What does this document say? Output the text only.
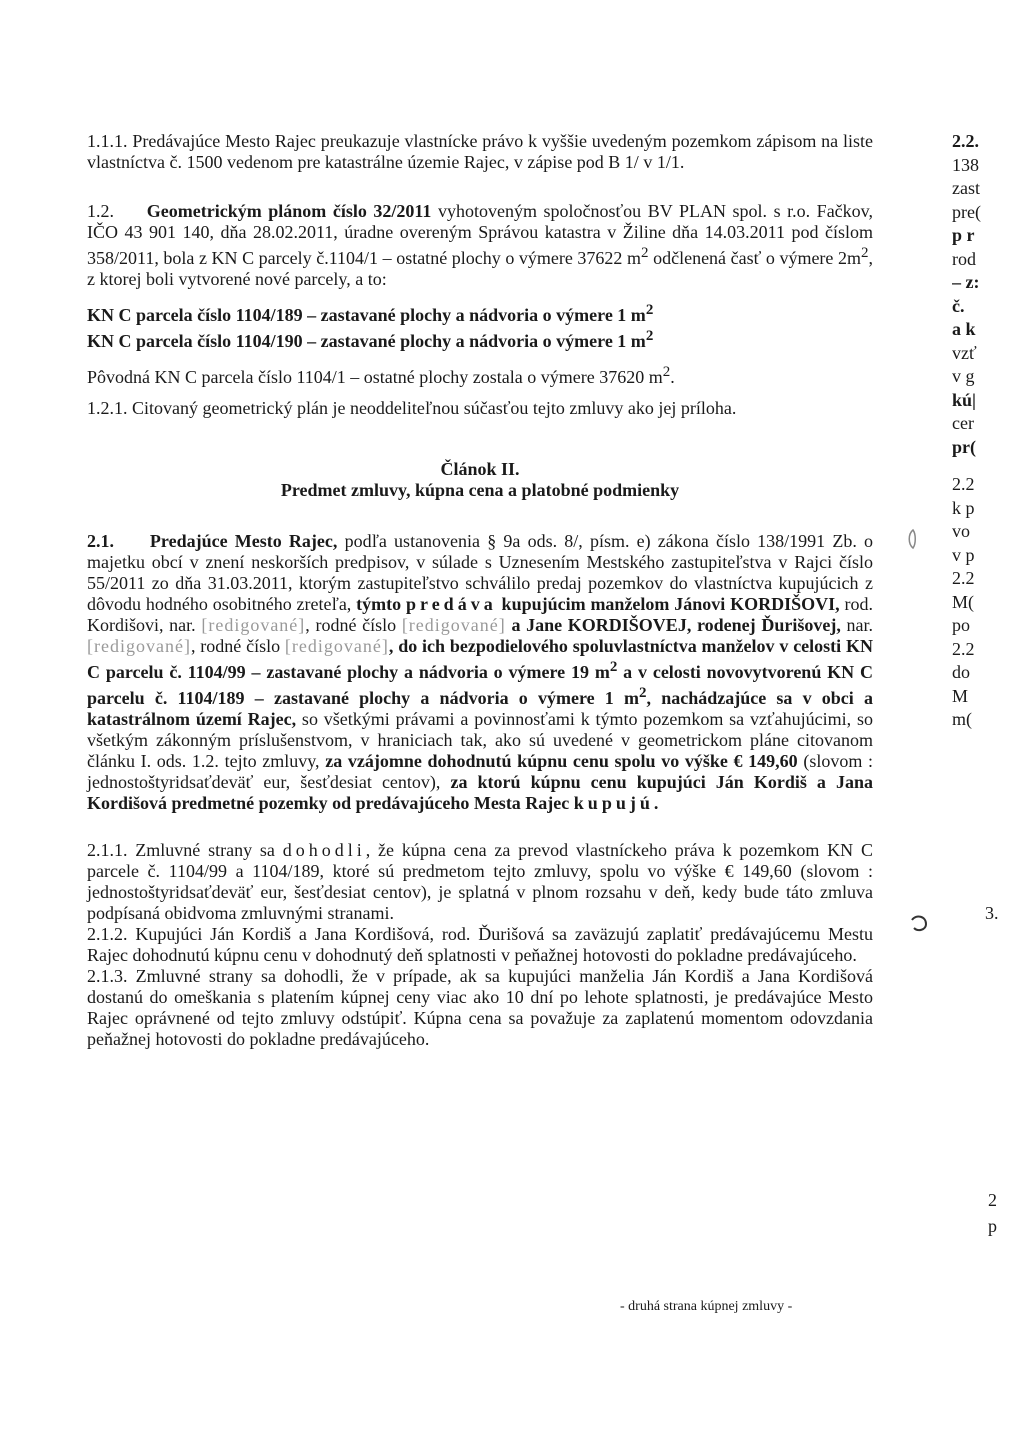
1.1.1. Predávajúce Mesto Rajec preukazuje vlastnícke právo k vyššie uvedeným pozemkom zápisom na liste vlastníctva č. 1500 vedenom pre katastrálne územie Rajec, v zápise pod B 1/ v 1/1.

1.2. Geometrickým plánom číslo 32/2011 vyhotoveným spoločnosťou BV PLAN spol. s r.o. Fačkov, IČO 43 901 140, dňa 28.02.2011, úradne overeným Správou katastra v Žiline dňa 14.03.2011 pod číslom 358/2011, bola z KN C parcely č.1104/1 – ostatné plochy o výmere 37622 $m^2$ odčlenená časť o výmere $2m^2$, z ktorej boli vytvorené nové parcely, a to:

KN C parcela číslo 1104/189 – zastavané plochy a nádvoria o výmere 1 $m^2$

KN C parcela číslo 1104/190 – zastavané plochy a nádvoria o výmere 1 $m^2$

Pôvodná KN C parcela číslo 1104/1 – ostatné plochy zostala o výmere 37620 $m^2$.

1.2.1. Citovaný geometrický plán je neoddeliteľnou súčasťou tejto zmluvy ako jej príloha.

Článok II.

Predmet zmluvy, kúpna cena a platobné podmienky

2.1. Predajúce Mesto Rajec, podľa ustanovenia § 9a ods. 8/, písm. e) zákona číslo 138/1991 Zb. o majetku obcí v znení neskorších predpisov, v súlade s Uznesením Mestského zastupiteľstva v Rajci číslo 55/2011 zo dňa 31.03.2011, ktorým zastupiteľstvo schválilo predaj pozemkov do vlastníctva kupujúcich z dôvodu hodného osobitného zreteľa, týmto predáva kupujúcim manželom Jánovi KORDIŠOVI, rod. Kordišovi, nar. [redigované], rodné číslo [redigované] a Jane KORDIŠOVEJ, rodenej Ďurišovej, nar. [redigované], rodné číslo [redigované], do ich bezpodielového spoluvlastníctva manželov v celosti KN C parcelu č. 1104/99 – zastavané plochy a nádvoria o výmere 19 $m^2$ a v celosti novovytvorenú KN C parcelu č. 1104/189 – zastavané plochy a nádvoria o výmere 1 $m^2$, nachádzajúce sa v obci a katastrálnom území Rajec, so všetkými právami a povinnosťami k týmto pozemkom sa vzťahujúcimi, so všetkým zákonným príslušenstvom, v hraniciach tak, ako sú uvedené v geometrickom pláne citovanom článku I. ods. 1.2. tejto zmluvy, za vzájomne dohodnutú kúpnu cenu spolu vo výške € 149,60 (slovom : jednostoštyridsaťdeväť eur, šesťdesiat centov), za ktorú kúpnu cenu kupujúci Ján Kordiš a Jana Kordišová predmetné pozemky od predávajúceho Mesta Rajec kupujú.

2.1.1. Zmluvné strany sa dohodli, že kúpna cena za prevod vlastníckeho práva k pozemkom KN C parcele č. 1104/99 a 1104/189, ktoré sú predmetom tejto zmluvy, spolu vo výške € 149,60 (slovom : jednostoštyridsaťdeväť eur, šesťdesiat centov), je splatná v plnom rozsahu v deň, kedy bude táto zmluva podpísaná obidvoma zmluvnými stranami.

2.1.2. Kupujúci Ján Kordiš a Jana Kordišová, rod. Ďurišová sa zaväzujú zaplatiť predávajúcemu Mestu Rajec dohodnutú kúpnu cenu v dohodnutý deň splatnosti v peňažnej hotovosti do pokladne predávajúceho.

2.1.3. Zmluvné strany sa dohodli, že v prípade, ak sa kupujúci manželia Ján Kordiš a Jana Kordišová dostanú do omeškania s platením kúpnej ceny viac ako 10 dní po lehote splatnosti, je predávajúce Mesto Rajec oprávnené od tejto zmluvy odstúpiť. Kúpna cena sa považuje za zaplatenú momentom odovzdania peňažnej hotovosti do pokladne predávajúceho.

- druhá strana kúpnej zmluvy -
2.2.
138
zast
pre(
p r
rod
– z:
č.
a k
vzť
v g
kú|
cer
pr(
2.2
k p
vo
v p
2.2
M(
po
2.2
do
M
m(
3.
2
p
